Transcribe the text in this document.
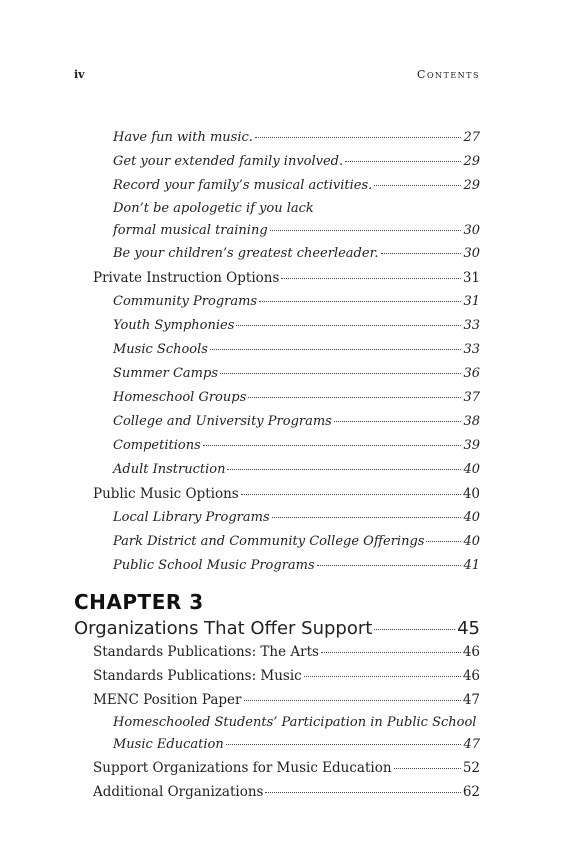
iv	Contents
Have fun with music.	27
Get your extended family involved.	29
Record your family’s musical activities.	29
Don’t be apologetic if you lack
formal musical training	30
Be your children’s greatest cheerleader.	30
Private Instruction Options	31
Community Programs	31
Youth Symphonies	33
Music Schools	33
Summer Camps	36
Homeschool Groups	37
College and University Programs	38
Competitions	39
Adult Instruction	40
Public Music Options	40
Local Library Programs	40
Park District and Community College Offerings	40
Public School Music Programs	41
CHAPTER 3
Organizations That Offer Support	45
Standards Publications: The Arts	46
Standards Publications: Music	46
MENC Position Paper	47
Homeschooled Students’ Participation in Public School
Music Education	47
Support Organizations for Music Education	52
Additional Organizations	62
